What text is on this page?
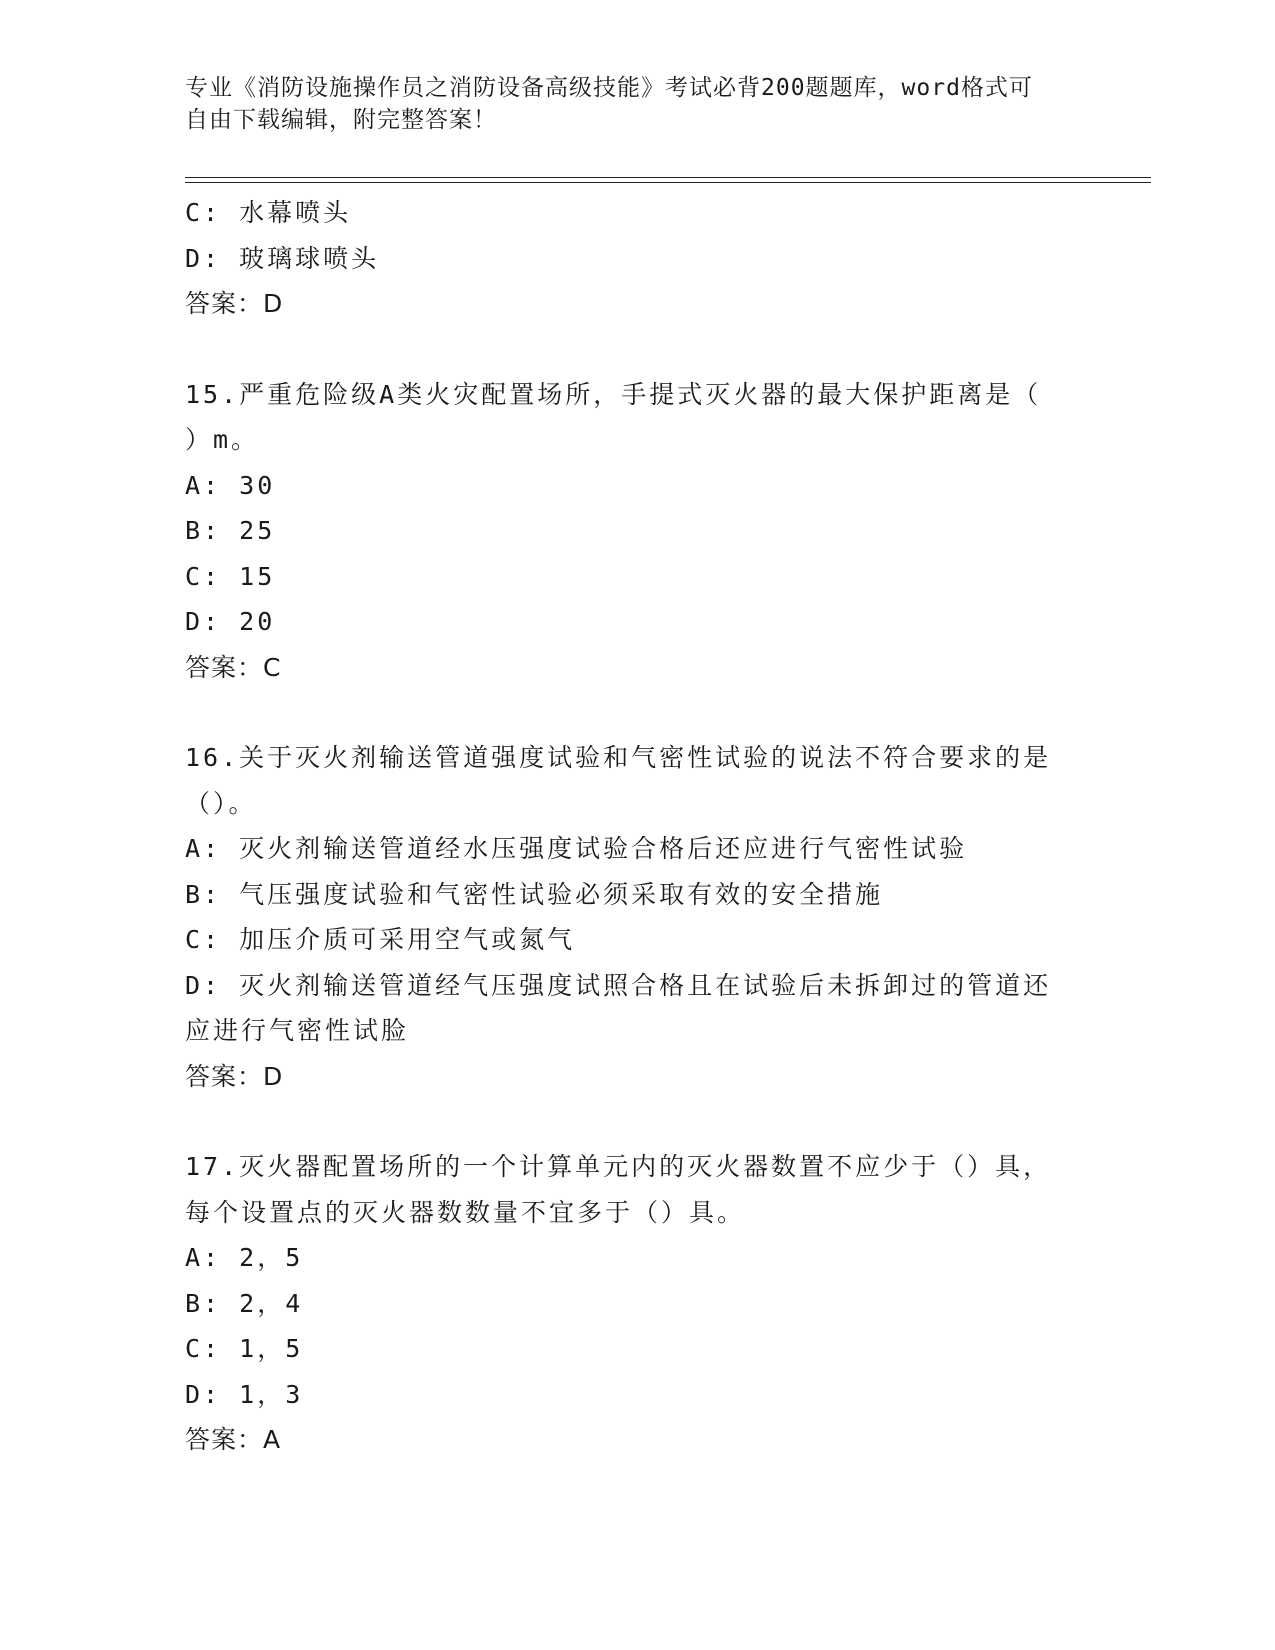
专业《消防设施操作员之消防设备高级技能》考试必背200题题库，word格式可
自由下载编辑，附完整答案！
C: 水幕喷头
D: 玻璃球喷头
答案：D
15.严重危险级A类火灾配置场所，手提式灭火器的最大保护距离是（
）m。
A: 30
B: 25
C: 15
D: 20
答案：C
16.关于灭火剂输送管道强度试验和气密性试验的说法不符合要求的是
（）。
A: 灭火剂输送管道经水压强度试验合格后还应进行气密性试验
B: 气压强度试验和气密性试验必须采取有效的安全措施
C: 加压介质可采用空气或氮气
D: 灭火剂输送管道经气压强度试照合格且在试验后未拆卸过的管道还
应进行气密性试脸
答案：D
17.灭火器配置场所的一个计算单元内的灭火器数置不应少于（）具，
每个设置点的灭火器数数量不宜多于（）具。
A: 2，5
B: 2，4
C: 1，5
D: 1，3
答案：A
